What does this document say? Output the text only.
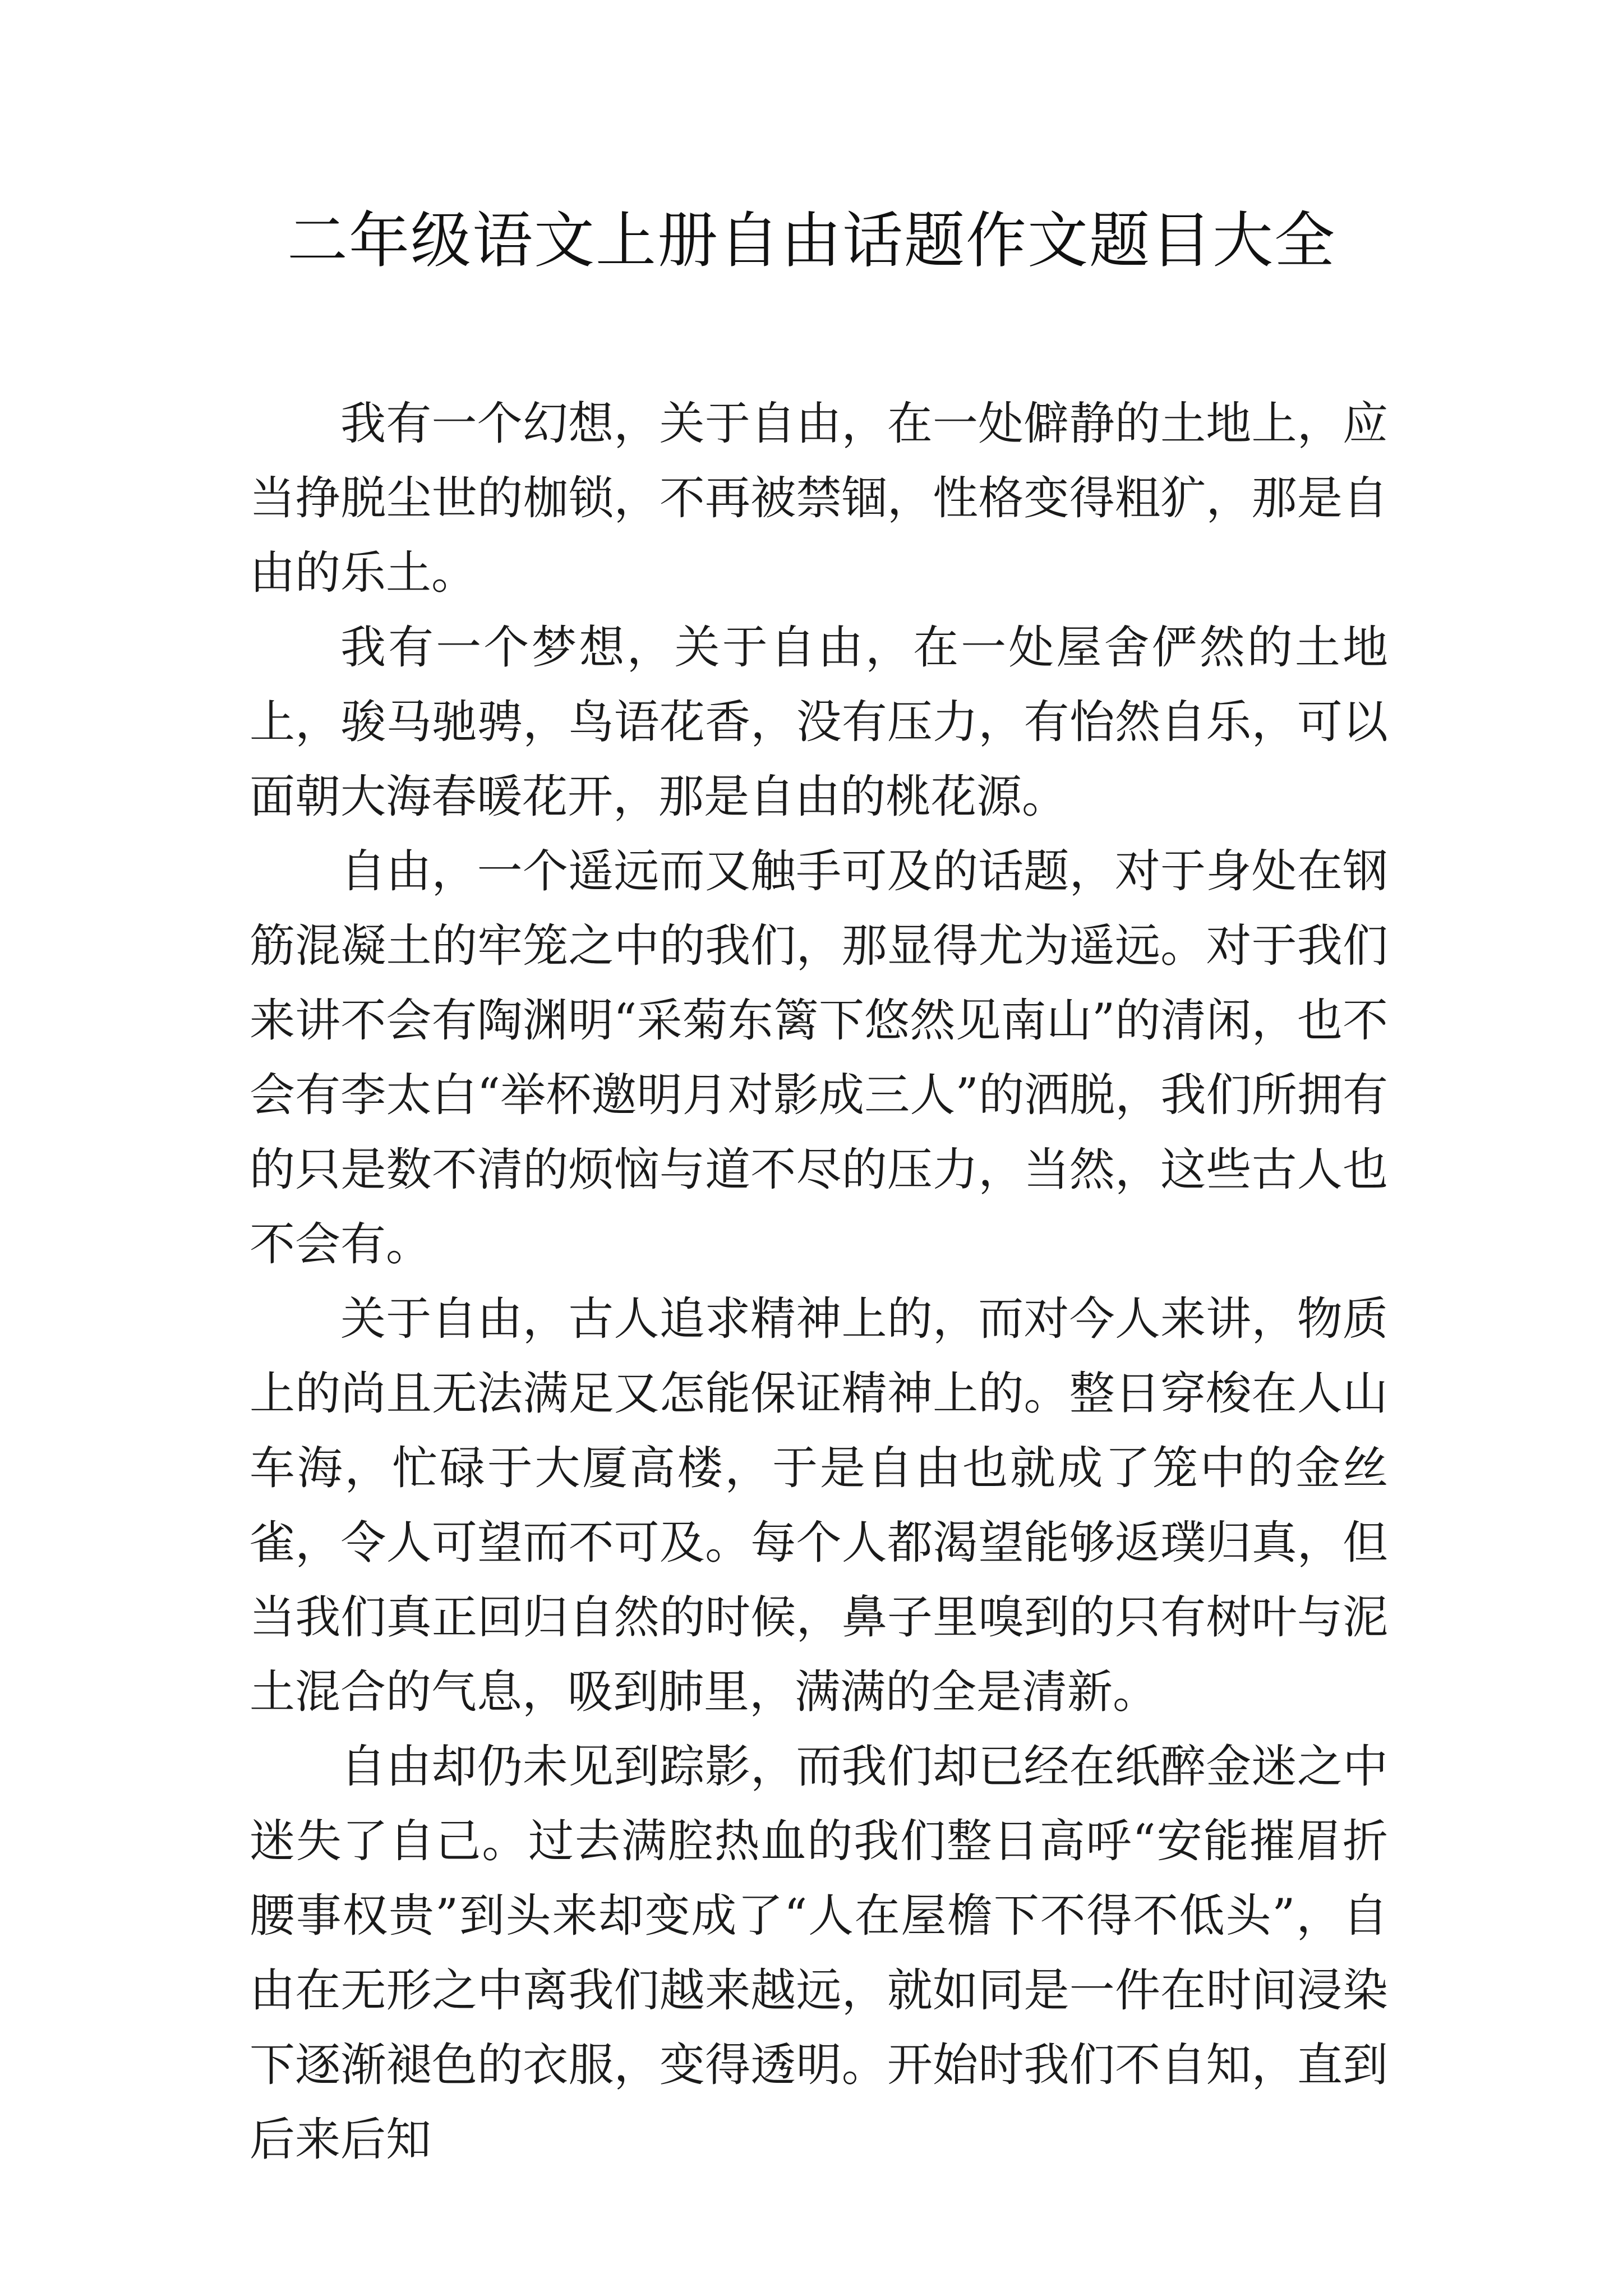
二年级语文上册自由话题作文题目大全

我有一个幻想，关于自由，在一处僻静的土地上，应当挣脱尘世的枷锁，不再被禁锢，性格变得粗犷，那是自由的乐土。

我有一个梦想，关于自由，在一处屋舍俨然的土地上，骏马驰骋，鸟语花香，没有压力，有怡然自乐，可以面朝大海春暖花开，那是自由的桃花源。

自由，一个遥远而又触手可及的话题，对于身处在钢筋混凝土的牢笼之中的我们，那显得尤为遥远。对于我们来讲不会有陶渊明“采菊东篱下悠然见南山”的清闲，也不会有李太白“举杯邀明月对影成三人”的洒脱，我们所拥有的只是数不清的烦恼与道不尽的压力，当然，这些古人也不会有。

关于自由，古人追求精神上的，而对今人来讲，物质上的尚且无法满足又怎能保证精神上的。整日穿梭在人山车海，忙碌于大厦高楼，于是自由也就成了笼中的金丝雀，令人可望而不可及。每个人都渴望能够返璞归真，但当我们真正回归自然的时候，鼻子里嗅到的只有树叶与泥土混合的气息，吸到肺里，满满的全是清新。

自由却仍未见到踪影，而我们却已经在纸醉金迷之中迷失了自己。过去满腔热血的我们整日高呼“安能摧眉折腰事权贵”到头来却变成了“人在屋檐下不得不低头”，自由在无形之中离我们越来越远，就如同是一件在时间浸染下逐渐褪色的衣服，变得透明。开始时我们不自知，直到后来后知
